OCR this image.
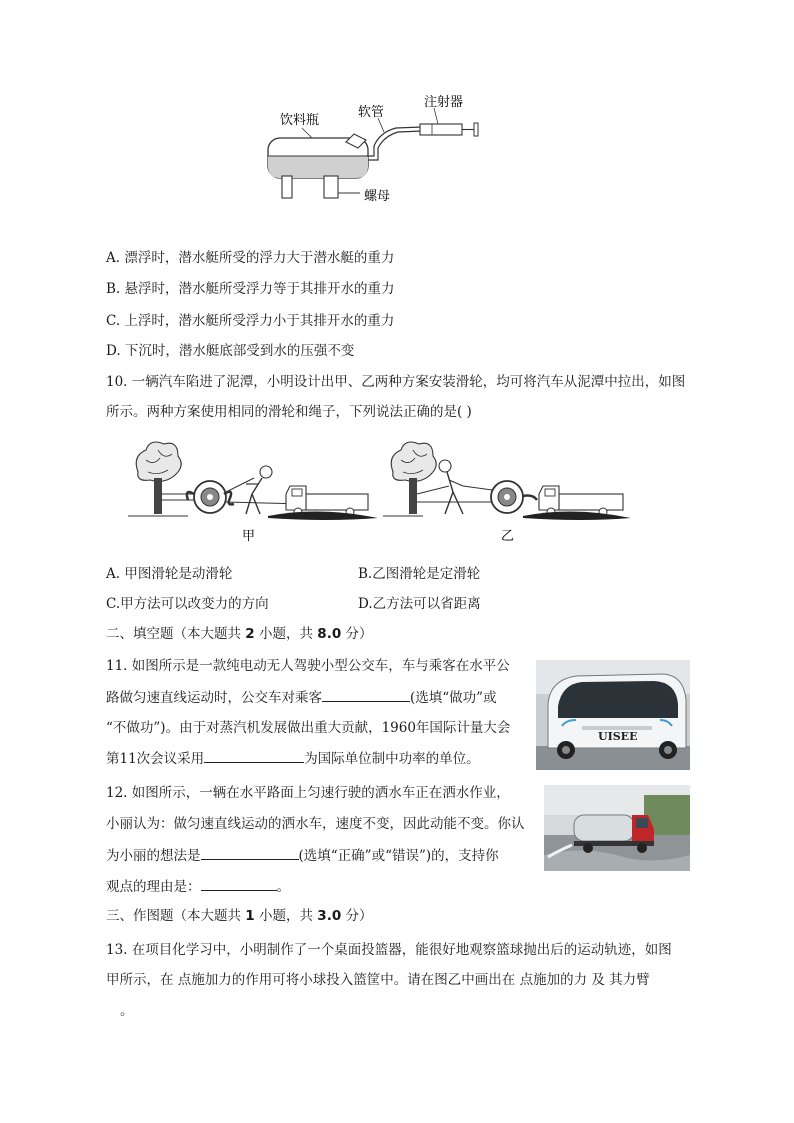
饮料瓶
软管
注射器
螺母
A. 漂浮时，潜水艇所受的浮力大于潜水艇的重力
B. 悬浮时，潜水艇所受浮力等于其排开水的重力
C. 上浮时，潜水艇所受浮力小于其排开水的重力
D. 下沉时，潜水艇底部受到水的压强不变
10. 一辆汽车陷进了泥潭，小明设计出甲、乙两种方案安装滑轮，均可将汽车从泥潭中拉出，如图
所示。两种方案使用相同的滑轮和绳子，下列说法正确的是( )
甲	乙
A. 甲图滑轮是动滑轮	B.乙图滑轮是定滑轮
C.甲方法可以改变力的方向	D.乙方法可以省距离
二、填空题（本大题共 2 小题，共 8.0 分）
11. 如图所示是一款纯电动无人驾驶小型公交车，车与乘客在水平公
路做匀速直线运动时，公交车对乘客	(选填“做功”或
“不做功”)。由于对蒸汽机发展做出重大贡献，1960年国际计量大会
第11次会议采用	为国际单位制中功率的单位。
UISEE
12. 如图所示，一辆在水平路面上匀速行驶的洒水车正在洒水作业，
小丽认为：做匀速直线运动的洒水车，速度不变，因此动能不变。你认
为小丽的想法是	(选填“正确”或“错误”)的，支持你
观点的理由是：	。
三、作图题（本大题共 1 小题，共 3.0 分）
13. 在项目化学习中，小明制作了一个桌面投篮器，能很好地观察篮球抛出后的运动轨迹，如图
甲所示，在 点施加力的作用可将小球投入篮筐中。请在图乙中画出在 点施加的力 及 其力臂
。
